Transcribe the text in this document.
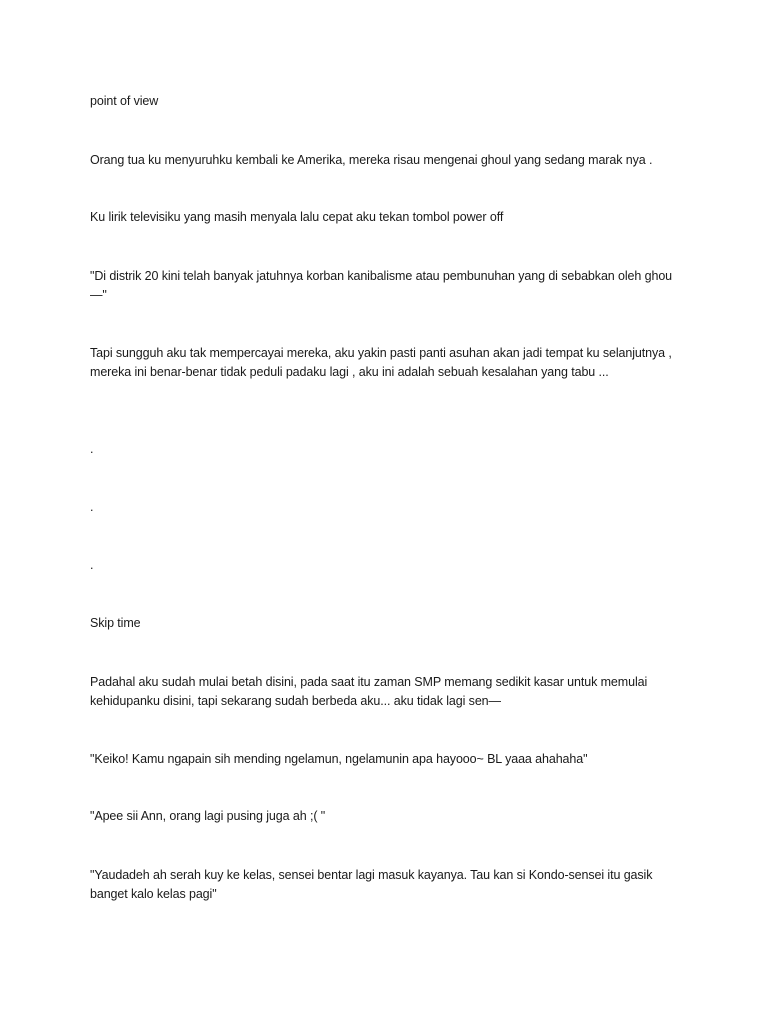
point of view

Orang tua ku menyuruhku kembali ke Amerika, mereka risau mengenai ghoul yang sedang marak nya .

Ku lirik televisiku yang masih menyala lalu cepat aku tekan tombol power off

"Di distrik 20 kini telah banyak jatuhnya korban kanibalisme atau pembunuhan yang di sebabkan oleh ghou—"

Tapi sungguh aku tak mempercayai mereka, aku yakin pasti panti asuhan akan jadi tempat ku selanjutnya , mereka ini benar-benar tidak peduli padaku lagi , aku ini adalah sebuah kesalahan yang tabu ...

.

.

.

Skip time

Padahal aku sudah mulai betah disini, pada saat itu zaman SMP memang sedikit kasar untuk memulai kehidupanku disini, tapi sekarang sudah berbeda aku... aku tidak lagi sen—

"Keiko! Kamu ngapain sih mending ngelamun, ngelamunin apa hayooo~ BL yaaa ahahaha"

"Apee sii Ann, orang lagi pusing juga ah ;( "

"Yaudadeh ah serah kuy ke kelas, sensei bentar lagi masuk kayanya. Tau kan si Kondo-sensei itu gasik banget kalo kelas pagi"
